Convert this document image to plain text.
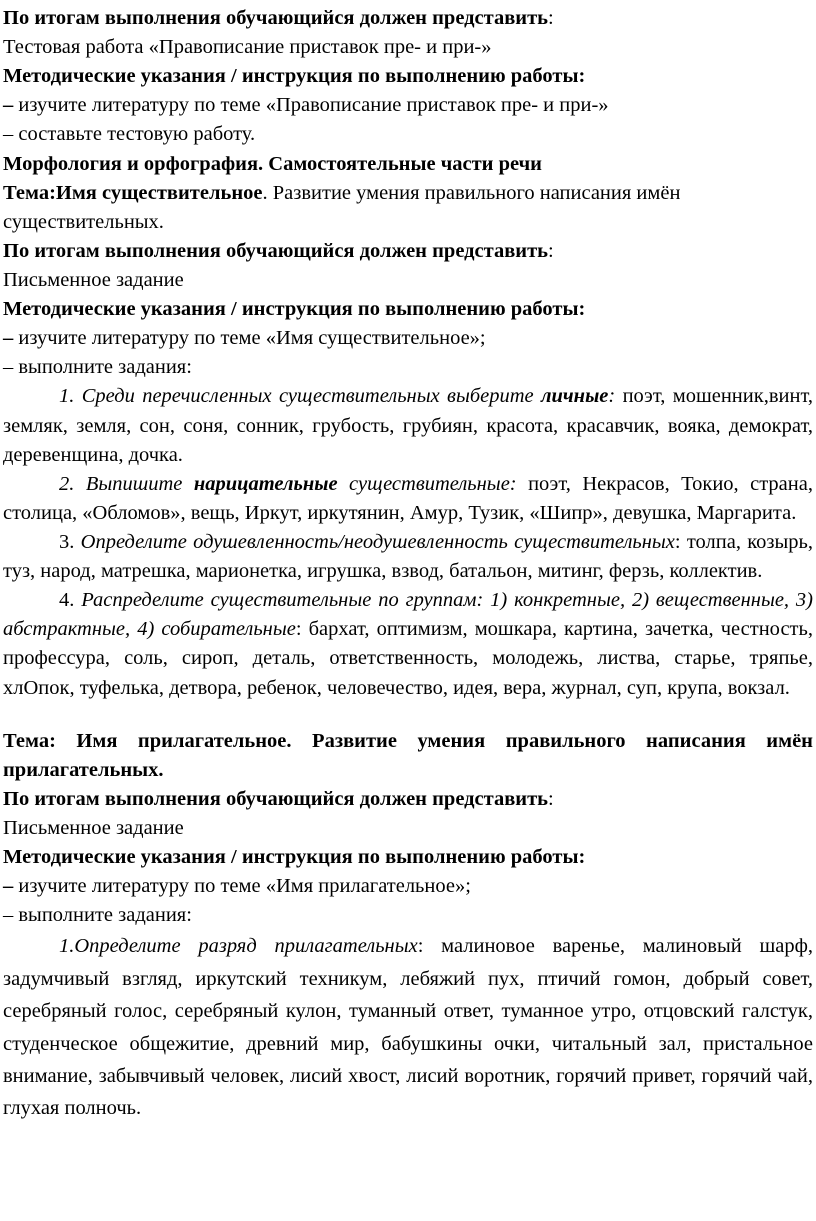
По итогам выполнения обучающийся должен представить:

Тестовая работа «Правописание приставок пре- и при-»

Методические указания / инструкция по выполнению работы:

– изучите литературу по теме «Правописание приставок пре- и при-»

– составьте тестовую работу.

Морфология и орфография. Самостоятельные части речи

Тема:Имя существительное. Развитие умения правильного написания имён существительных.

По итогам выполнения обучающийся должен представить:

Письменное задание

Методические указания / инструкция по выполнению работы:

– изучите литературу по теме «Имя существительное»;

– выполните задания:

1. Среди перечисленных существительных выберите личные: поэт, мошенник,винт, земляк, земля, сон, соня, сонник, грубость, грубиян, красота, красавчик, вояка, демократ, деревенщина, дочка.

2. Выпишите нарицательные существительные: поэт, Некрасов, Токио, страна, столица, «Обломов», вещь, Иркут, иркутянин, Амур, Тузик, «Шипр», девушка, Маргарита.

3. Определите одушевленность/неодушевленность существительных: толпа, козырь, туз, народ, матрешка, марионетка, игрушка, взвод, батальон, митинг, ферзь, коллектив.

4. Распределите существительные по группам: 1) конкретные, 2) вещественные, 3) абстрактные, 4) собирательные: бархат, оптимизм, мошкара, картина, зачетка, честность, профессура, соль, сироп, деталь, ответственность, молодежь, листва, старье, тряпье, хлОпок, туфелька, детвора, ребенок, человечество, идея, вера, журнал, суп, крупа, вокзал.

Тема: Имя прилагательное. Развитие умения правильного написания имён прилагательных.

По итогам выполнения обучающийся должен представить:

Письменное задание

Методические указания / инструкция по выполнению работы:

– изучите литературу по теме «Имя прилагательное»;

– выполните задания:

1.Определите разряд прилагательных: малиновое варенье, малиновый шарф, задумчивый взгляд, иркутский техникум, лебяжий пух, птичий гомон, добрый совет, серебряный голос, серебряный кулон, туманный ответ, туманное утро, отцовский галстук, студенческое общежитие, древний мир, бабушкины очки, читальный зал, пристальное внимание, забывчивый человек, лисий хвост, лисий воротник, горячий привет, горячий чай, глухая полночь.
